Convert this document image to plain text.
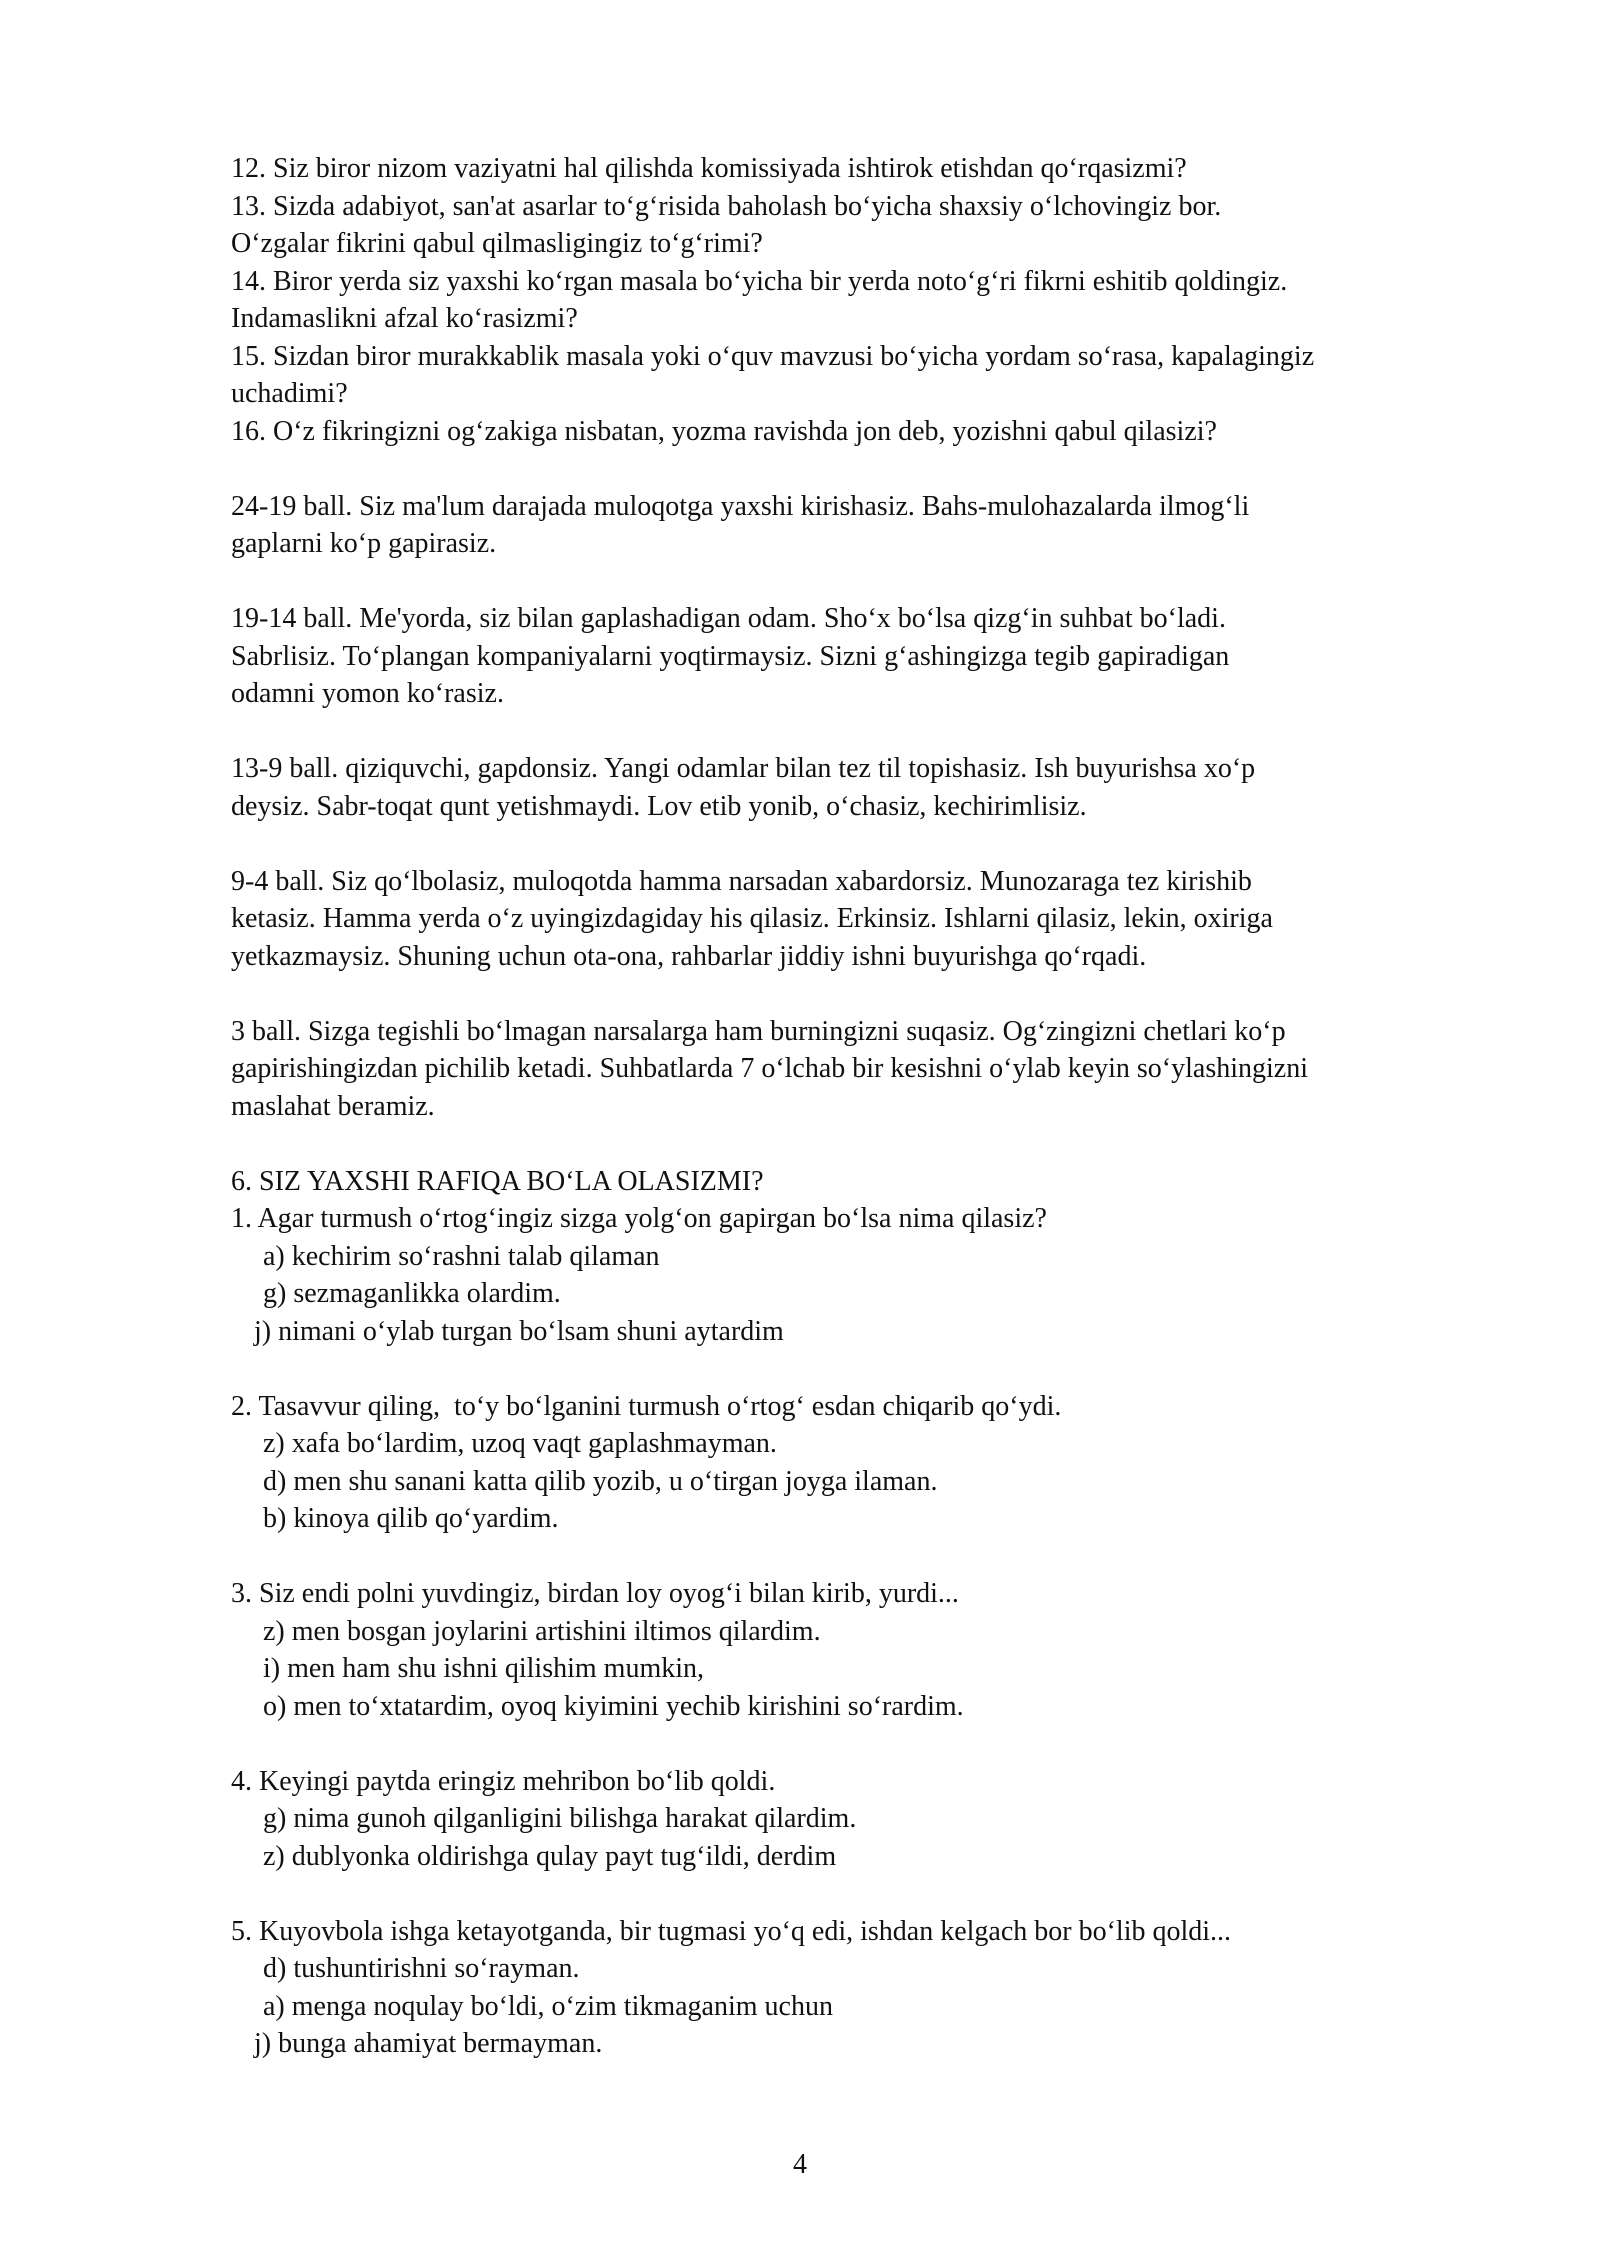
12. Siz biror nizom vaziyatni hal qilishda komissiyada ishtirok etishdan qo‘rqasizmi?

13. Sizda adabiyot, san'at asarlar to‘g‘risida baholash bo‘yicha shaxsiy o‘lchovingiz bor.

O‘zgalar fikrini qabul qilmasligingiz to‘g‘rimi?

14. Biror yerda siz yaxshi ko‘rgan masala bo‘yicha bir yerda noto‘g‘ri fikrni eshitib qoldingiz.

Indamaslikni afzal ko‘rasizmi?

15. Sizdan biror murakkablik masala yoki o‘quv mavzusi bo‘yicha yordam so‘rasa, kapalagingiz

uchadimi?

16. O‘z fikringizni og‘zakiga nisbatan, yozma ravishda jon deb, yozishni qabul qilasizi?

24-19 ball. Siz ma'lum darajada muloqotga yaxshi kirishasiz. Bahs-mulohazalarda ilmog‘li

gaplarni ko‘p gapirasiz.

19-14 ball. Me'yorda, siz bilan gaplashadigan odam. Sho‘x bo‘lsa qizg‘in suhbat bo‘ladi.

Sabrlisiz. To‘plangan kompaniyalarni yoqtirmaysiz. Sizni g‘ashingizga tegib gapiradigan

odamni yomon ko‘rasiz.

13-9 ball. qiziquvchi, gapdonsiz. Yangi odamlar bilan tez til topishasiz. Ish buyurishsa xo‘p

deysiz. Sabr-toqat qunt yetishmaydi. Lov etib yonib, o‘chasiz, kechirimlisiz.

9-4 ball. Siz qo‘lbolasiz, muloqotda hamma narsadan xabardorsiz. Munozaraga tez kirishib

ketasiz. Hamma yerda o‘z uyingizdagiday his qilasiz. Erkinsiz. Ishlarni qilasiz, lekin, oxiriga

yetkazmaysiz. Shuning uchun ota-ona, rahbarlar jiddiy ishni buyurishga qo‘rqadi.

3 ball. Sizga tegishli bo‘lmagan narsalarga ham burningizni suqasiz. Og‘zingizni chetlari ko‘p

gapirishingizdan pichilib ketadi. Suhbatlarda 7 o‘lchab bir kesishni o‘ylab keyin so‘ylashingizni

maslahat beramiz.

6. SIZ YAXSHI RAFIQA BO‘LA OLASIZMI?

1. Agar turmush o‘rtog‘ingiz sizga yolg‘on gapirgan bo‘lsa nima qilasiz?

a) kechirim so‘rashni talab qilaman

g) sezmaganlikka olardim.

j) nimani o‘ylab turgan bo‘lsam shuni aytardim

2. Tasavvur qiling,  to‘y bo‘lganini turmush o‘rtog‘ esdan chiqarib qo‘ydi.

z) xafa bo‘lardim, uzoq vaqt gaplashmayman.

d) men shu sanani katta qilib yozib, u o‘tirgan joyga ilaman.

b) kinoya qilib qo‘yardim.

3. Siz endi polni yuvdingiz, birdan loy oyog‘i bilan kirib, yurdi...

z) men bosgan joylarini artishini iltimos qilardim.

i) men ham shu ishni qilishim mumkin,

o) men to‘xtatardim, oyoq kiyimini yechib kirishini so‘rardim.

4. Keyingi paytda eringiz mehribon bo‘lib qoldi.

g) nima gunoh qilganligini bilishga harakat qilardim.

z) dublyonka oldirishga qulay payt tug‘ildi, derdim

5. Kuyovbola ishga ketayotganda, bir tugmasi yo‘q edi, ishdan kelgach bor bo‘lib qoldi...

d) tushuntirishni so‘rayman.

a) menga noqulay bo‘ldi, o‘zim tikmaganim uchun

j) bunga ahamiyat bermayman.

4
